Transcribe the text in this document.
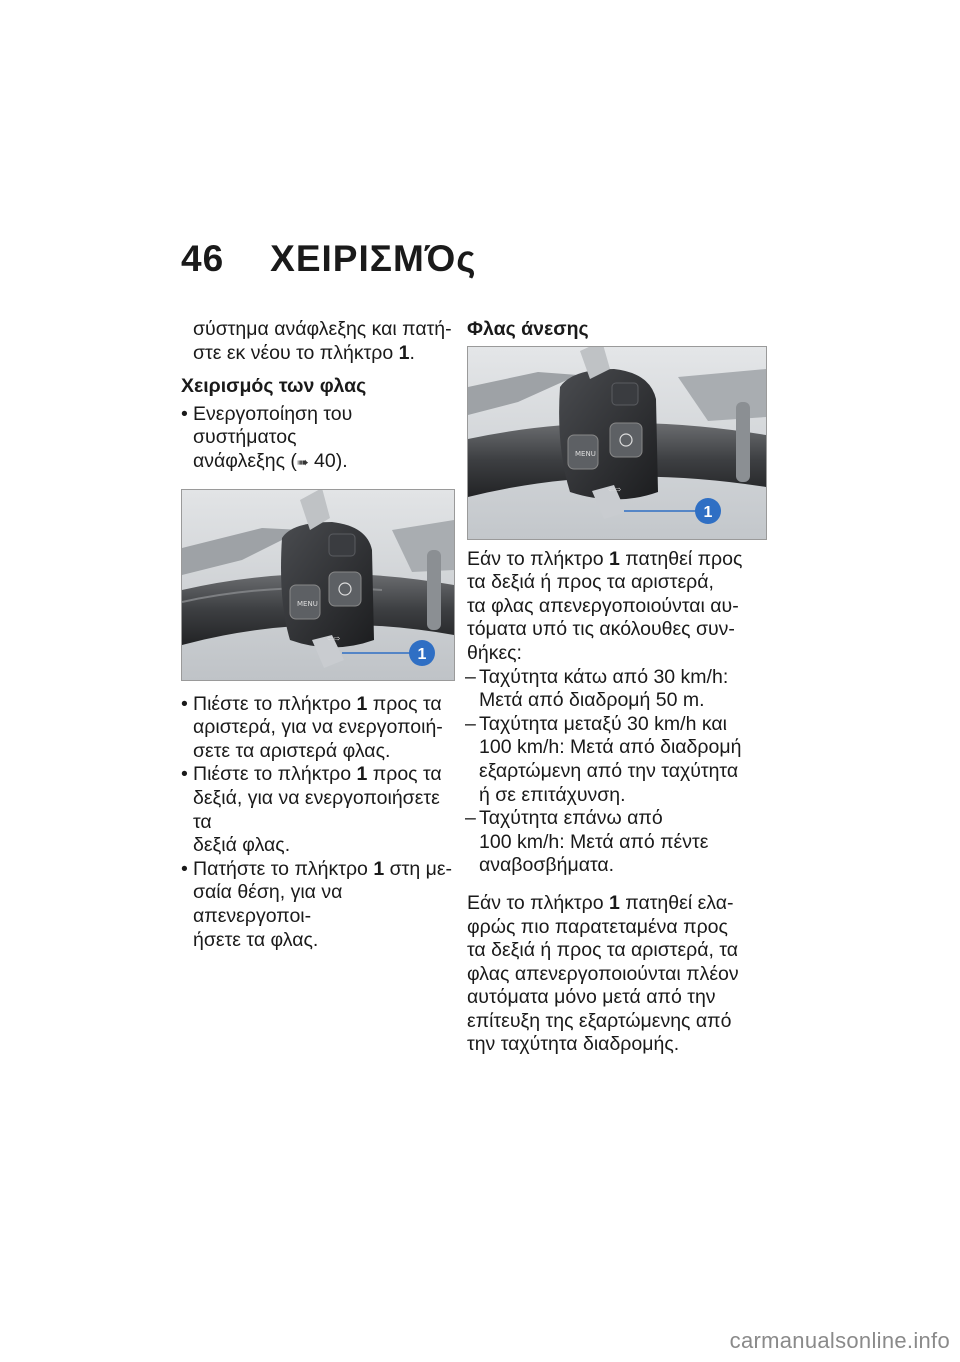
46 ΧΕΙΡΙΣΜΌς
σύστημα ανάφλεξης και πατή-
στε εκ νέου το πλήκτρο 1.
Χειρισμός των φλας
• Ενεργοποίηση του συστήματος
ανάφλεξης (➠ 40).
MENU
⇦⇨
1
• Πιέστε το πλήκτρο 1 προς τα
αριστερά, για να ενεργοποιή-
σετε τα αριστερά φλας.
• Πιέστε το πλήκτρο 1 προς τα
δεξιά, για να ενεργοποιήσετε τα
δεξιά φλας.
• Πατήστε το πλήκτρο 1 στη με-
σαία θέση, για να απενεργοποι-
ήσετε τα φλας.
Φλας άνεσης
MENU
⇦⇨
1
Εάν το πλήκτρο 1 πατηθεί προς
τα δεξιά ή προς τα αριστερά,
τα φλας απενεργοποιούνται αυ-
τόματα υπό τις ακόλουθες συν-
θήκες:
– Ταχύτητα κάτω από 30 km/h:
Μετά από διαδρομή 50 m.
– Ταχύτητα μεταξύ 30 km/h και
100 km/h: Μετά από διαδρομή
εξαρτώμενη από την ταχύτητα
ή σε επιτάχυνση.
– Ταχύτητα επάνω από
100 km/h: Μετά από πέντε
αναβοσβήματα.
Εάν το πλήκτρο 1 πατηθεί ελα-
φρώς πιο παρατεταμένα προς
τα δεξιά ή προς τα αριστερά, τα
φλας απενεργοποιούνται πλέον
αυτόματα μόνο μετά από την
επίτευξη της εξαρτώμενης από
την ταχύτητα διαδρομής.
carmanualsonline.info
